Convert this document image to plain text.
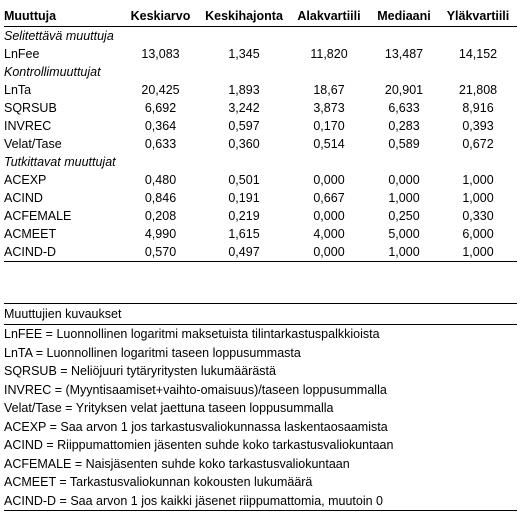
Muuttuja	Keskiarvo	Keskihajonta	Alakvartiili	Mediaani	Yläkvartiili
Selitettävä muuttuja					
LnFee	13,083	1,345	11,820	13,487	14,152
Kontrollimuuttujat					
LnTa	20,425	1,893	18,67	20,901	21,808
SQRSUB	6,692	3,242	3,873	6,633	8,916
INVREC	0,364	0,597	0,170	0,283	0,393
Velat/Tase	0,633	0,360	0,514	0,589	0,672
Tutkittavat muuttujat					
ACEXP	0,480	0,501	0,000	0,000	1,000
ACIND	0,846	0,191	0,667	1,000	1,000
ACFEMALE	0,208	0,219	0,000	0,250	0,330
ACMEET	4,990	1,615	4,000	5,000	6,000
ACIND-D	0,570	0,497	0,000	1,000	1,000
Muuttujien kuvaukset
LnFEE = Luonnollinen logaritmi maksetuista tilintarkastuspalkkioista
LnTA = Luonnollinen logaritmi taseen loppusummasta
SQRSUB = Neliöjuuri tytäryritysten lukumäärästä
INVREC = (Myyntisaamiset+vaihto-omaisuus)/taseen loppusummalla
Velat/Tase = Yrityksen velat jaettuna taseen loppusummalla
ACEXP = Saa arvon 1 jos tarkastusvaliokunnassa laskentaosaamista
ACIND = Riippumattomien jäsenten suhde koko tarkastusvaliokuntaan
ACFEMALE = Naisjäsenten suhde koko tarkastusvaliokuntaan
ACMEET = Tarkastusvaliokunnan kokousten lukumäärä
ACIND-D = Saa arvon 1 jos kaikki jäsenet riippumattomia, muutoin 0
